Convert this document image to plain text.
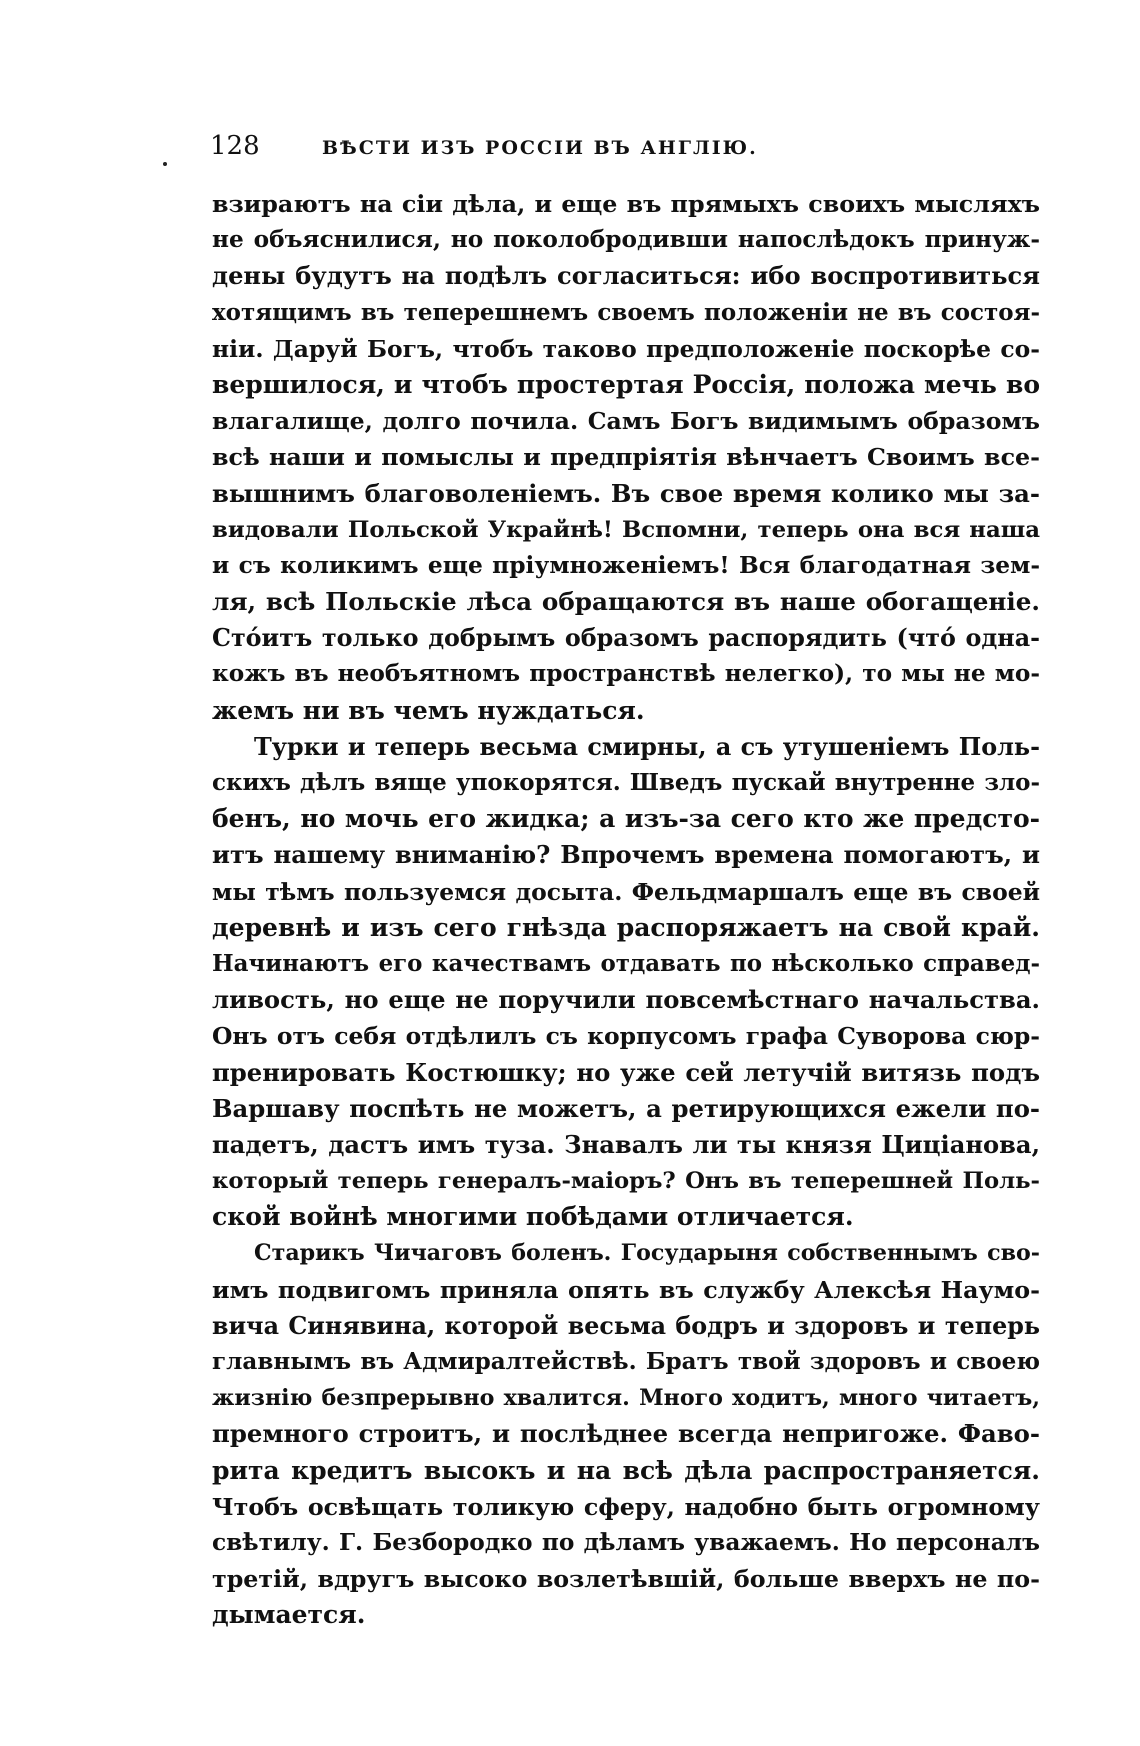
128	ВѢСТИ ИЗЪ РОССІИ ВЪ АНГЛІЮ.
взираютъ на сіи дѣла, и еще въ прямыхъ своихъ мысляхъ
не объяснилися, но поколобродивши напослѣдокъ принуж-
дены будутъ на подѣлъ согласиться: ибо воспротивиться
хотящимъ въ теперешнемъ своемъ положеніи не въ состоя-
ніи. Даруй Богъ, чтобъ таково предположеніе поскорѣе со-
вершилося, и чтобъ простертая Россія, положа мечь во
влагалище, долго почила. Самъ Богъ видимымъ образомъ
всѣ наши и помыслы и предпріятія вѣнчаетъ Своимъ все-
вышнимъ благоволеніемъ. Въ свое время колико мы за-
видовали Польской Украйнѣ! Вспомни, теперь она вся наша
и съ коликимъ еще пріумноженіемъ! Вся благодатная зем-
ля, всѣ Польскіе лѣса обращаются въ наше обогащеніе.
Стóитъ только добрымъ образомъ распорядить (чтó однa-
кожъ въ необъятномъ пространствѣ нелегко), то мы не мо-
жемъ ни въ чемъ нуждаться.
Турки и теперь весьма смирны, а съ утушеніемъ Поль-
скихъ дѣлъ вяще упокорятся. Шведъ пускай внутренне зло-
бенъ, но мочь его жидка; а изъ-за сего кто же предсто-
итъ нашему вниманію? Впрочемъ времена помогаютъ, и
мы тѣмъ пользуемся досыта. Фельдмаршалъ еще въ своей
деревнѣ и изъ сего гнѣзда распоряжаетъ на свой край.
Начинаютъ его качествамъ отдавать по нѣсколько справед-
ливость, но еще не поручили повсемѣстнаго начальства.
Онъ отъ себя отдѣлилъ съ корпусомъ графа Суворова сюр-
пренировать Костюшку; но уже сей летучій витязь подъ
Варшаву поспѣть не можетъ, а ретирующихся ежели по-
падетъ, дастъ имъ туза. Знавалъ ли ты князя Циціанова,
который теперь генералъ-маіоръ? Онъ въ теперешней Поль-
ской войнѣ многими побѣдами отличается.
Старикъ Чичаговъ боленъ. Государыня собственнымъ сво-
имъ подвигомъ приняла опять въ службу Алексѣя Наумо-
вича Синявина, которой весьма бодръ и здоровъ и теперь
главнымъ въ Адмиралтействѣ. Братъ твой здоровъ и своею
жизнію безпрерывно хвалится. Много ходитъ, много читаетъ,
премного строитъ, и послѣднее всегда непригоже. Фаво-
рита кредитъ высокъ и на всѣ дѣла распространяется.
Чтобъ освѣщать толикую сферу, надобно быть огромному
свѣтилу. Г. Безбородко по дѣламъ уважаемъ. Но персоналъ
третій, вдругъ высоко возлетѣвшій, больше вверхъ не по-
дымается.
